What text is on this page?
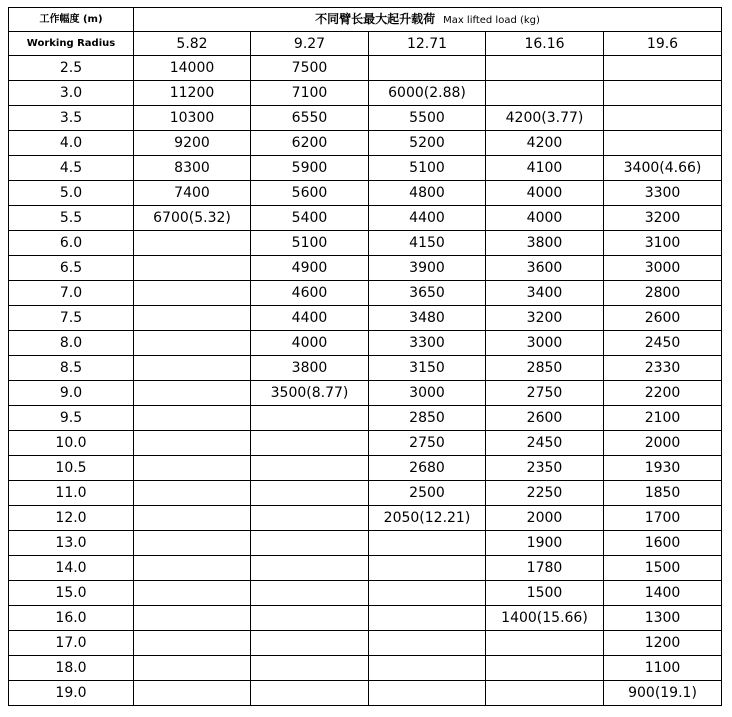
工作幅度 (m)	不同臂长最大起升载荷 Max lifted load (kg)				
Working Radius	5.82	9.27	12.71	16.16	19.6
2.5	14000	7500			
3.0	11200	7100	6000(2.88)		
3.5	10300	6550	5500	4200(3.77)	
4.0	9200	6200	5200	4200	
4.5	8300	5900	5100	4100	3400(4.66)
5.0	7400	5600	4800	4000	3300
5.5	6700(5.32)	5400	4400	4000	3200
6.0		5100	4150	3800	3100
6.5		4900	3900	3600	3000
7.0		4600	3650	3400	2800
7.5		4400	3480	3200	2600
8.0		4000	3300	3000	2450
8.5		3800	3150	2850	2330
9.0		3500(8.77)	3000	2750	2200
9.5			2850	2600	2100
10.0			2750	2450	2000
10.5			2680	2350	1930
11.0			2500	2250	1850
12.0			2050(12.21)	2000	1700
13.0				1900	1600
14.0				1780	1500
15.0				1500	1400
16.0				1400(15.66)	1300
17.0					1200
18.0					1100
19.0					900(19.1)
